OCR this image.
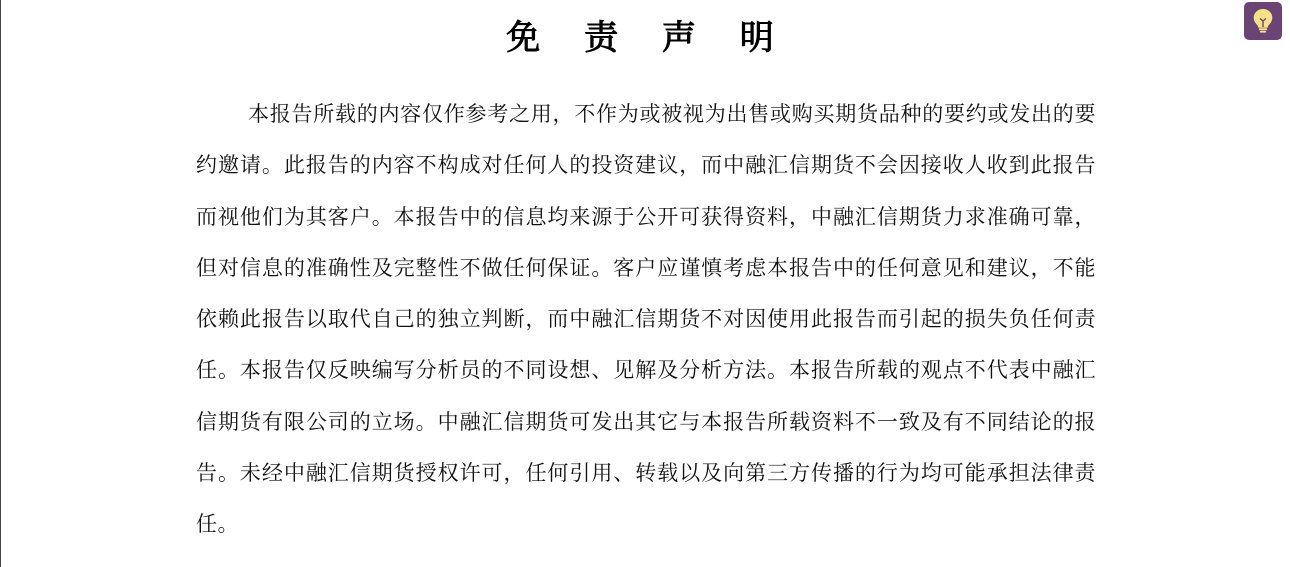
免 责 声 明

本报告所载的内容仅作参考之用，不作为或被视为出售或购买期货品种的要约或发出的要约邀请。此报告的内容不构成对任何人的投资建议，而中融汇信期货不会因接收人收到此报告而视他们为其客户。本报告中的信息均来源于公开可获得资料，中融汇信期货力求准确可靠，但对信息的准确性及完整性不做任何保证。客户应谨慎考虑本报告中的任何意见和建议，不能依赖此报告以取代自己的独立判断，而中融汇信期货不对因使用此报告而引起的损失负任何责任。本报告仅反映编写分析员的不同设想、见解及分析方法。本报告所载的观点不代表中融汇信期货有限公司的立场。中融汇信期货可发出其它与本报告所载资料不一致及有不同结论的报告。未经中融汇信期货授权许可，任何引用、转载以及向第三方传播的行为均可能承担法律责任。
